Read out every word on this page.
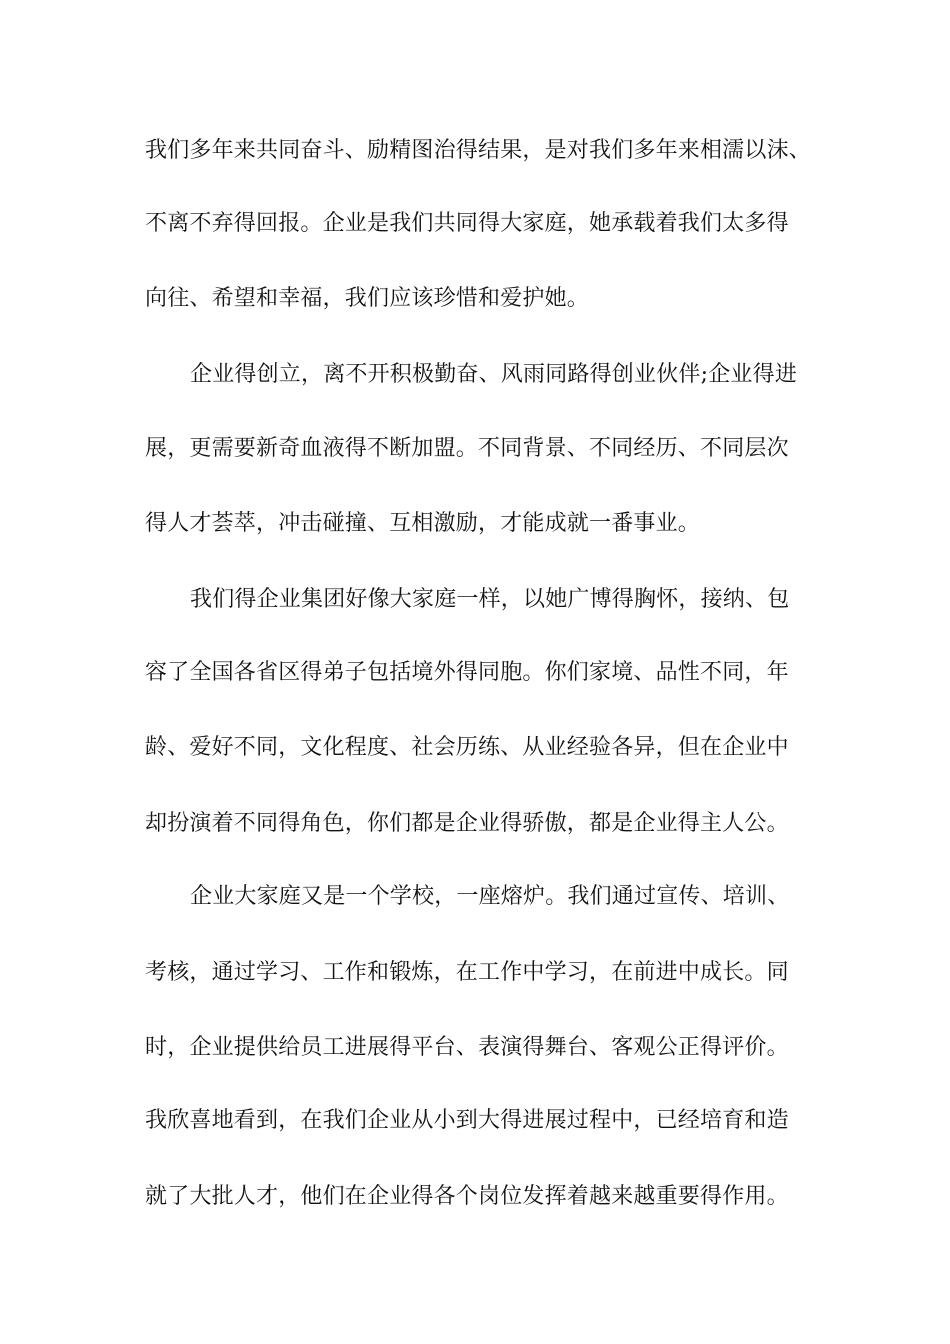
我们多年来共同奋斗、励精图治得结果，是对我们多年来相濡以沫、
不离不弃得回报。企业是我们共同得大家庭，她承载着我们太多得
向往、希望和幸福，我们应该珍惜和爱护她。
企业得创立，离不开积极勤奋、风雨同路得创业伙伴;企业得进
展，更需要新奇血液得不断加盟。不同背景、不同经历、不同层次
得人才荟萃，冲击碰撞、互相激励，才能成就一番事业。
我们得企业集团好像大家庭一样，以她广博得胸怀，接纳、包
容了全国各省区得弟子包括境外得同胞。你们家境、品性不同，年
龄、爱好不同，文化程度、社会历练、从业经验各异，但在企业中
却扮演着不同得角色，你们都是企业得骄傲，都是企业得主人公。
企业大家庭又是一个学校，一座熔炉。我们通过宣传、培训、
考核，通过学习、工作和锻炼，在工作中学习，在前进中成长。同
时，企业提供给员工进展得平台、表演得舞台、客观公正得评价。
我欣喜地看到，在我们企业从小到大得进展过程中，已经培育和造
就了大批人才，他们在企业得各个岗位发挥着越来越重要得作用。
